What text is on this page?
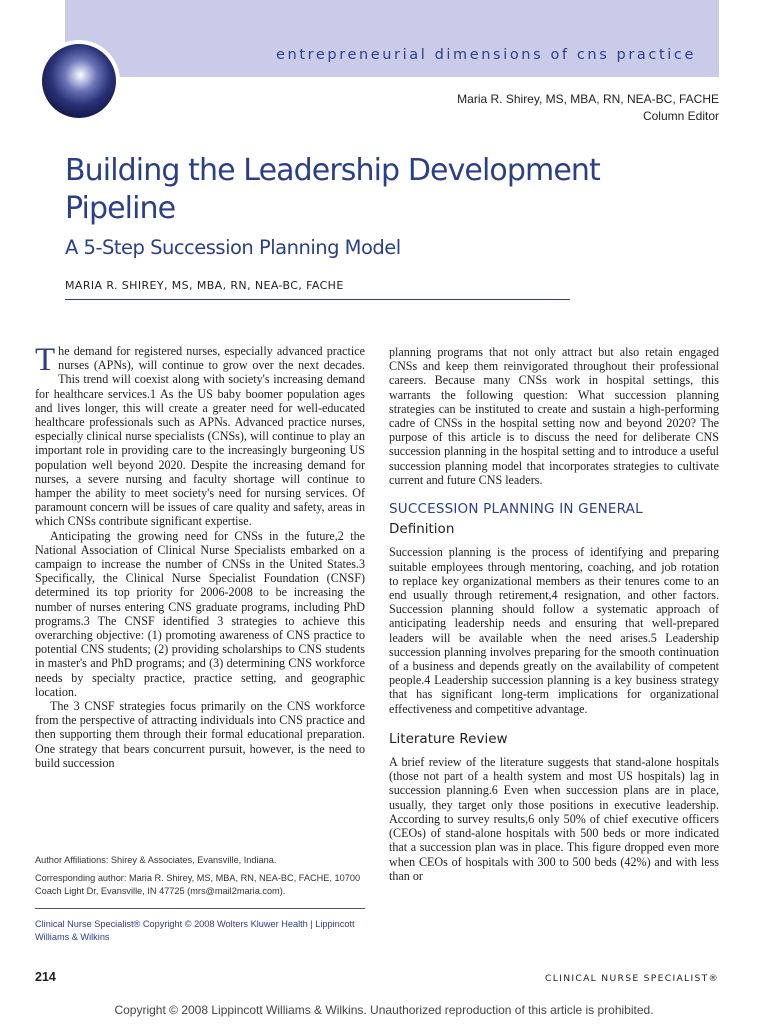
entrepreneurial dimensions of cns practice
Maria R. Shirey, MS, MBA, RN, NEA-BC, FACHE
Column Editor
Building the Leadership Development Pipeline
A 5-Step Succession Planning Model
MARIA R. SHIREY, MS, MBA, RN, NEA-BC, FACHE

The demand for registered nurses, especially advanced practice nurses (APNs), will continue to grow over the next decades. This trend will coexist along with society's increasing demand for healthcare services.1 As the US baby boomer population ages and lives longer, this will create a greater need for well-educated healthcare professionals such as APNs. Advanced practice nurses, especially clinical nurse specialists (CNSs), will continue to play an important role in providing care to the increasingly burgeoning US population well beyond 2020. Despite the increasing demand for nurses, a severe nursing and faculty shortage will continue to hamper the ability to meet society's need for nursing services. Of paramount concern will be issues of care quality and safety, areas in which CNSs contribute significant expertise.

Anticipating the growing need for CNSs in the future,2 the National Association of Clinical Nurse Specialists embarked on a campaign to increase the number of CNSs in the United States.3 Specifically, the Clinical Nurse Specialist Foundation (CNSF) determined its top priority for 2006-2008 to be increasing the number of nurses entering CNS graduate programs, including PhD programs.3 The CNSF identified 3 strategies to achieve this overarching objective: (1) promoting awareness of CNS practice to potential CNS students; (2) providing scholarships to CNS students in master's and PhD programs; and (3) determining CNS workforce needs by specialty practice, practice setting, and geographic location.

The 3 CNSF strategies focus primarily on the CNS workforce from the perspective of attracting individuals into CNS practice and then supporting them through their formal educational preparation. One strategy that bears concurrent pursuit, however, is the need to build succession

planning programs that not only attract but also retain engaged CNSs and keep them reinvigorated throughout their professional careers. Because many CNSs work in hospital settings, this warrants the following question: What succession planning strategies can be instituted to create and sustain a high-performing cadre of CNSs in the hospital setting now and beyond 2020? The purpose of this article is to discuss the need for deliberate CNS succession planning in the hospital setting and to introduce a useful succession planning model that incorporates strategies to cultivate current and future CNS leaders.

SUCCESSION PLANNING IN GENERAL
Definition

Succession planning is the process of identifying and preparing suitable employees through mentoring, coaching, and job rotation to replace key organizational members as their tenures come to an end usually through retirement,4 resignation, and other factors. Succession planning should follow a systematic approach of anticipating leadership needs and ensuring that well-prepared leaders will be available when the need arises.5 Leadership succession planning involves preparing for the smooth continuation of a business and depends greatly on the availability of competent people.4 Leadership succession planning is a key business strategy that has significant long-term implications for organizational effectiveness and competitive advantage.

Literature Review

A brief review of the literature suggests that stand-alone hospitals (those not part of a health system and most US hospitals) lag in succession planning.6 Even when succession plans are in place, usually, they target only those positions in executive leadership. According to survey results,6 only 50% of chief executive officers (CEOs) of stand-alone hospitals with 500 beds or more indicated that a succession plan was in place. This figure dropped even more when CEOs of hospitals with 300 to 500 beds (42%) and with less than or

Author Affiliations: Shirey & Associates, Evansville, Indiana.

Corresponding author: Maria R. Shirey, MS, MBA, RN, NEA-BC, FACHE, 10700 Coach Light Dr, Evansville, IN 47725 (mrs@mail2maria.com).

Clinical Nurse Specialist® Copyright © 2008 Wolters Kluwer Health | Lippincott Williams & Wilkins
214	CLINICAL NURSE SPECIALIST®
Copyright © 2008 Lippincott Williams & Wilkins. Unauthorized reproduction of this article is prohibited.
